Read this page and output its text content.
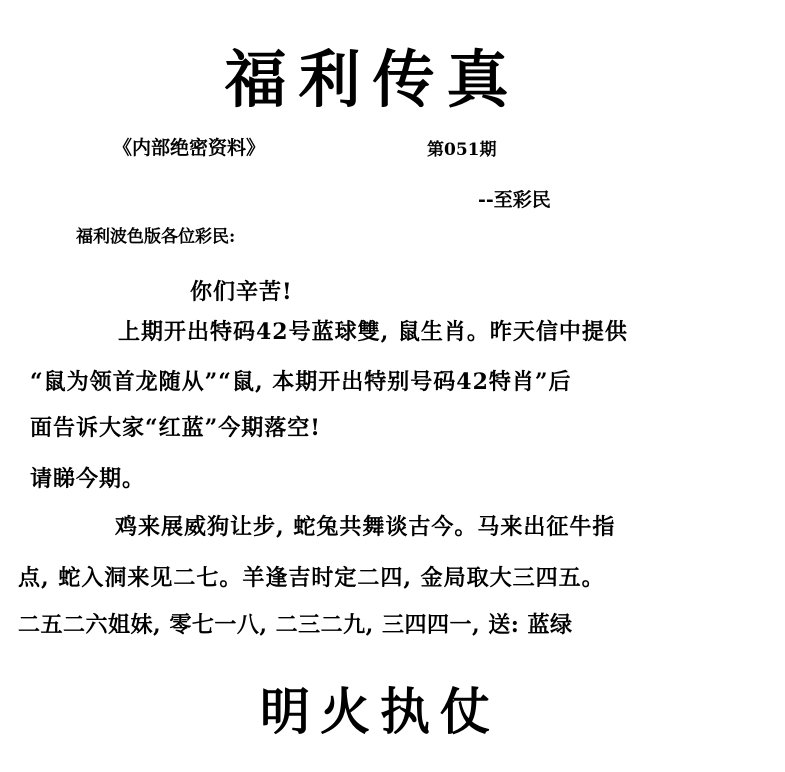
福利传真
《内部绝密资料》	第051期
--至彩民
福利波色版各位彩民:
你们辛苦!
上期开出特码42号蓝球雙, 鼠生肖。昨天信中提供
“鼠为领首龙随从”“鼠, 本期开出特别号码42特肖”后
面告诉大家“红蓝”今期落空!
请睇今期。
鸡来展威狗让步, 蛇兔共舞谈古今。马来出征牛指
点, 蛇入洞来见二七。羊逢吉时定二四, 金局取大三四五。
二五二六姐妹, 零七一八, 二三二九, 三四四一, 送: 蓝绿
明火执仗
